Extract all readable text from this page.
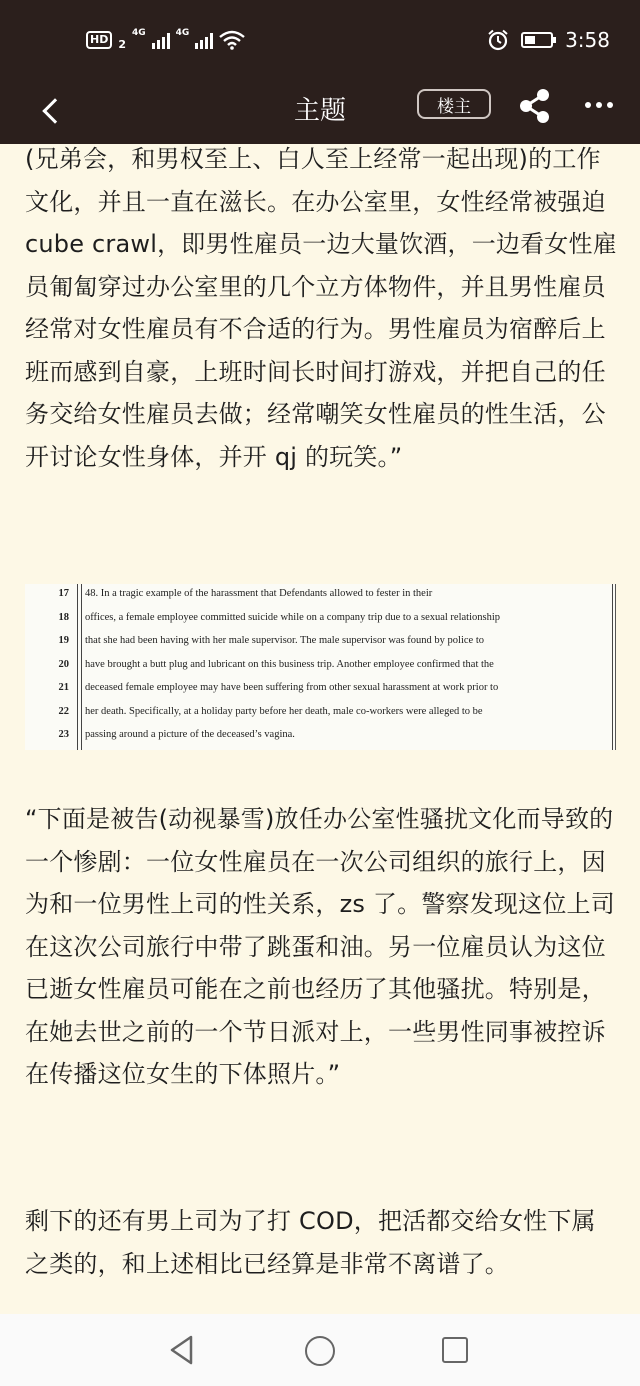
HD 2
4G	4G	3:58
主题	楼主
(兄弟会，和男权至上、白人至上经常一起出现)的工作文化，并且一直在滋长。在办公室里，女性经常被强迫 cube crawl，即男性雇员一边大量饮酒，一边看女性雇员匍匐穿过办公室里的几个立方体物件，并且男性雇员经常对女性雇员有不合适的行为。男性雇员为宿醉后上班而感到自豪，上班时间长时间打游戏，并把自己的任务交给女性雇员去做；经常嘲笑女性雇员的性生活，公开讨论女性身体，并开 qj 的玩笑。”
17 48. In a tragic example of the harassment that Defendants allowed to fester in their
18 offices, a female employee committed suicide while on a company trip due to a sexual relationship
19 that she had been having with her male supervisor. The male supervisor was found by police to
20 have brought a butt plug and lubricant on this business trip. Another employee confirmed that the
21 deceased female employee may have been suffering from other sexual harassment at work prior to
22 her death. Specifically, at a holiday party before her death, male co-workers were alleged to be
23 passing around a picture of the deceased’s vagina.
“下面是被告(动视暴雪)放任办公室性骚扰文化而导致的一个惨剧：一位女性雇员在一次公司组织的旅行上，因为和一位男性上司的性关系，zs 了。警察发现这位上司在这次公司旅行中带了跳蛋和油。另一位雇员认为这位已逝女性雇员可能在之前也经历了其他骚扰。特别是，在她去世之前的一个节日派对上，一些男性同事被控诉在传播这位女生的下体照片。”
剩下的还有男上司为了打 COD，把活都交给女性下属之类的，和上述相比已经算是非常不离谱了。
